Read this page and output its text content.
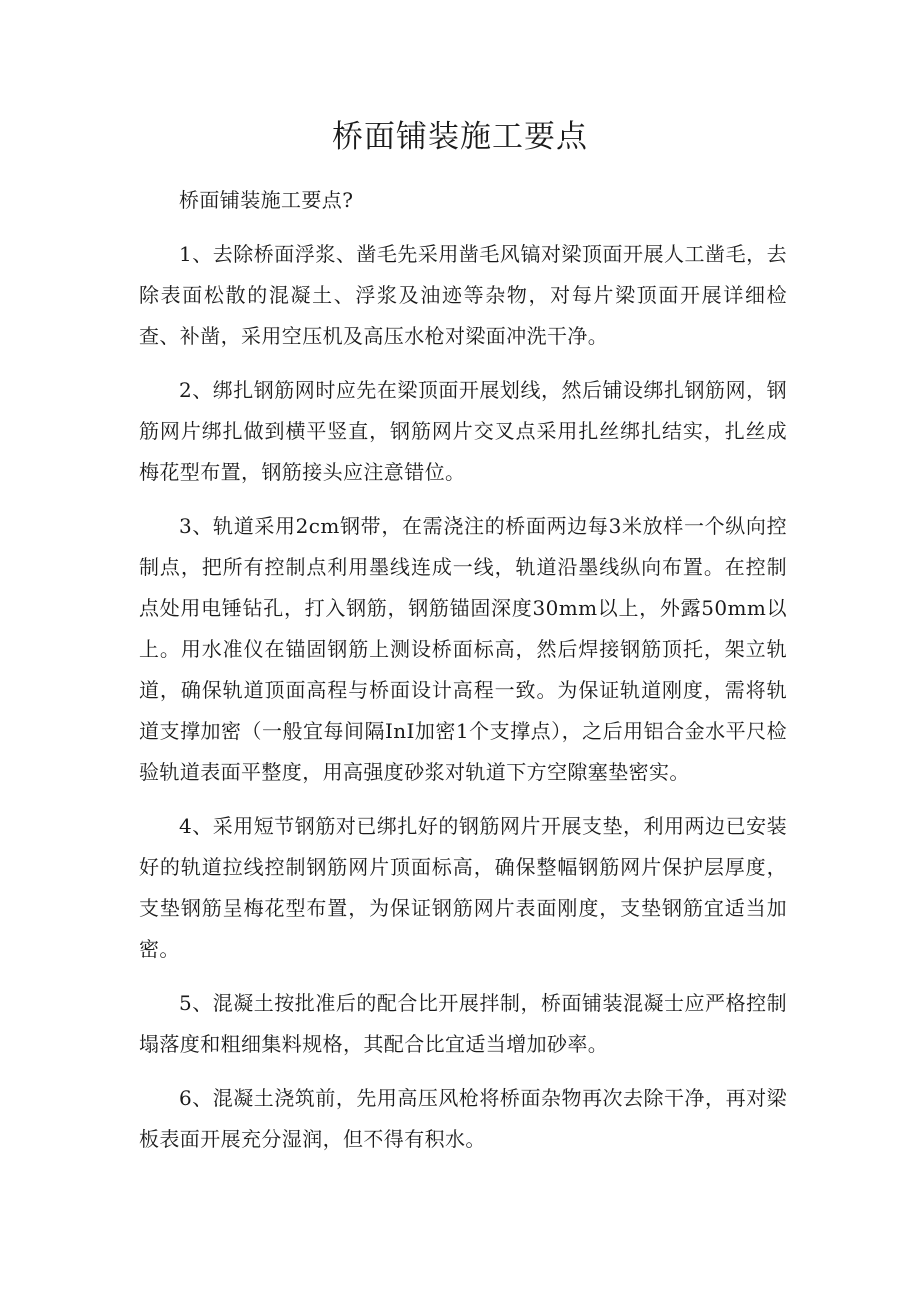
桥面铺装施工要点

桥面铺装施工要点?

1、去除桥面浮浆、凿毛先采用凿毛风镐对梁顶面开展人工凿毛，去除表面松散的混凝土、浮浆及油迹等杂物，对每片梁顶面开展详细检查、补凿，采用空压机及高压水枪对梁面冲洗干净。

2、绑扎钢筋网时应先在梁顶面开展划线，然后铺设绑扎钢筋网，钢筋网片绑扎做到横平竖直，钢筋网片交叉点采用扎丝绑扎结实，扎丝成梅花型布置，钢筋接头应注意错位。

3、轨道采用2cm钢带，在需浇注的桥面两边每3米放样一个纵向控制点，把所有控制点利用墨线连成一线，轨道沿墨线纵向布置。在控制点处用电锤钻孔，打入钢筋，钢筋锚固深度30mm以上，外露50mm以上。用水准仪在锚固钢筋上测设桥面标高，然后焊接钢筋顶托，架立轨道，确保轨道顶面高程与桥面设计高程一致。为保证轨道刚度，需将轨道支撑加密（一般宜每间隔InI加密1个支撑点），之后用铝合金水平尺检验轨道表面平整度，用高强度砂浆对轨道下方空隙塞垫密实。

4、采用短节钢筋对已绑扎好的钢筋网片开展支垫，利用两边已安装好的轨道拉线控制钢筋网片顶面标高，确保整幅钢筋网片保护层厚度，支垫钢筋呈梅花型布置，为保证钢筋网片表面刚度，支垫钢筋宜适当加密。

5、混凝土按批准后的配合比开展拌制，桥面铺装混凝士应严格控制塌落度和粗细集料规格，其配合比宜适当增加砂率。

6、混凝土浇筑前，先用高压风枪将桥面杂物再次去除干净，再对梁板表面开展充分湿润，但不得有积水。
